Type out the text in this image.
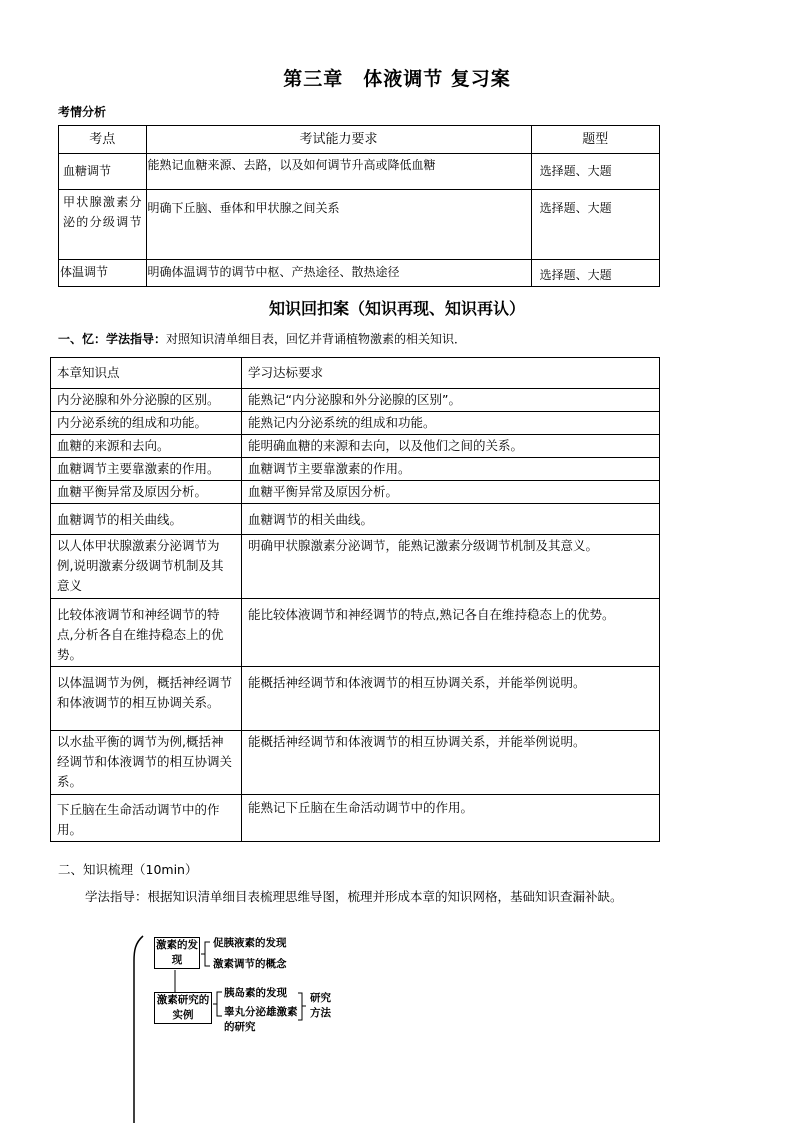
第三章　体液调节 复习案
考情分析
考点	考试能力要求	题型
血糖调节	能熟记血糖来源、去路，以及如何调节升高或降低血糖	选择题、大题
甲状腺激素分泌的分级调节	明确下丘脑、垂体和甲状腺之间关系	选择题、大题
体温调节	明确体温调节的调节中枢、产热途径、散热途径	选择题、大题
知识回扣案（知识再现、知识再认）
一、忆：学法指导：对照知识清单细目表，回忆并背诵植物激素的相关知识．
本章知识点	学习达标要求
内分泌腺和外分泌腺的区别。	能熟记“内分泌腺和外分泌腺的区别”。
内分泌系统的组成和功能。	能熟记内分泌系统的组成和功能。
血糖的来源和去向。	能明确血糖的来源和去向，以及他们之间的关系。
血糖调节主要靠激素的作用。	血糖调节主要靠激素的作用。
血糖平衡异常及原因分析。	血糖平衡异常及原因分析。
血糖调节的相关曲线。	血糖调节的相关曲线。
以人体甲状腺激素分泌调节为例,说明激素分级调节机制及其意义	明确甲状腺激素分泌调节，能熟记激素分级调节机制及其意义。
比较体液调节和神经调节的特点,分析各自在维持稳态上的优势。	能比较体液调节和神经调节的特点,熟记各自在维持稳态上的优势。
以体温调节为例，概括神经调节和体液调节的相互协调关系。	能概括神经调节和体液调节的相互协调关系，并能举例说明。
以水盐平衡的调节为例,概括神经调节和体液调节的相互协调关系。	能概括神经调节和体液调节的相互协调关系，并能举例说明。
下丘脑在生命活动调节中的作用。	能熟记下丘脑在生命活动调节中的作用。
二、知识梳理（10min）
学法指导：根据知识清单细目表梳理思维导图，梳理并形成本章的知识网格，基础知识查漏补缺。
激素的发现
促胰液素的发现
激素调节的概念
激素研究的实例
胰岛素的发现
睾丸分泌雄激素的研究
研究方法
